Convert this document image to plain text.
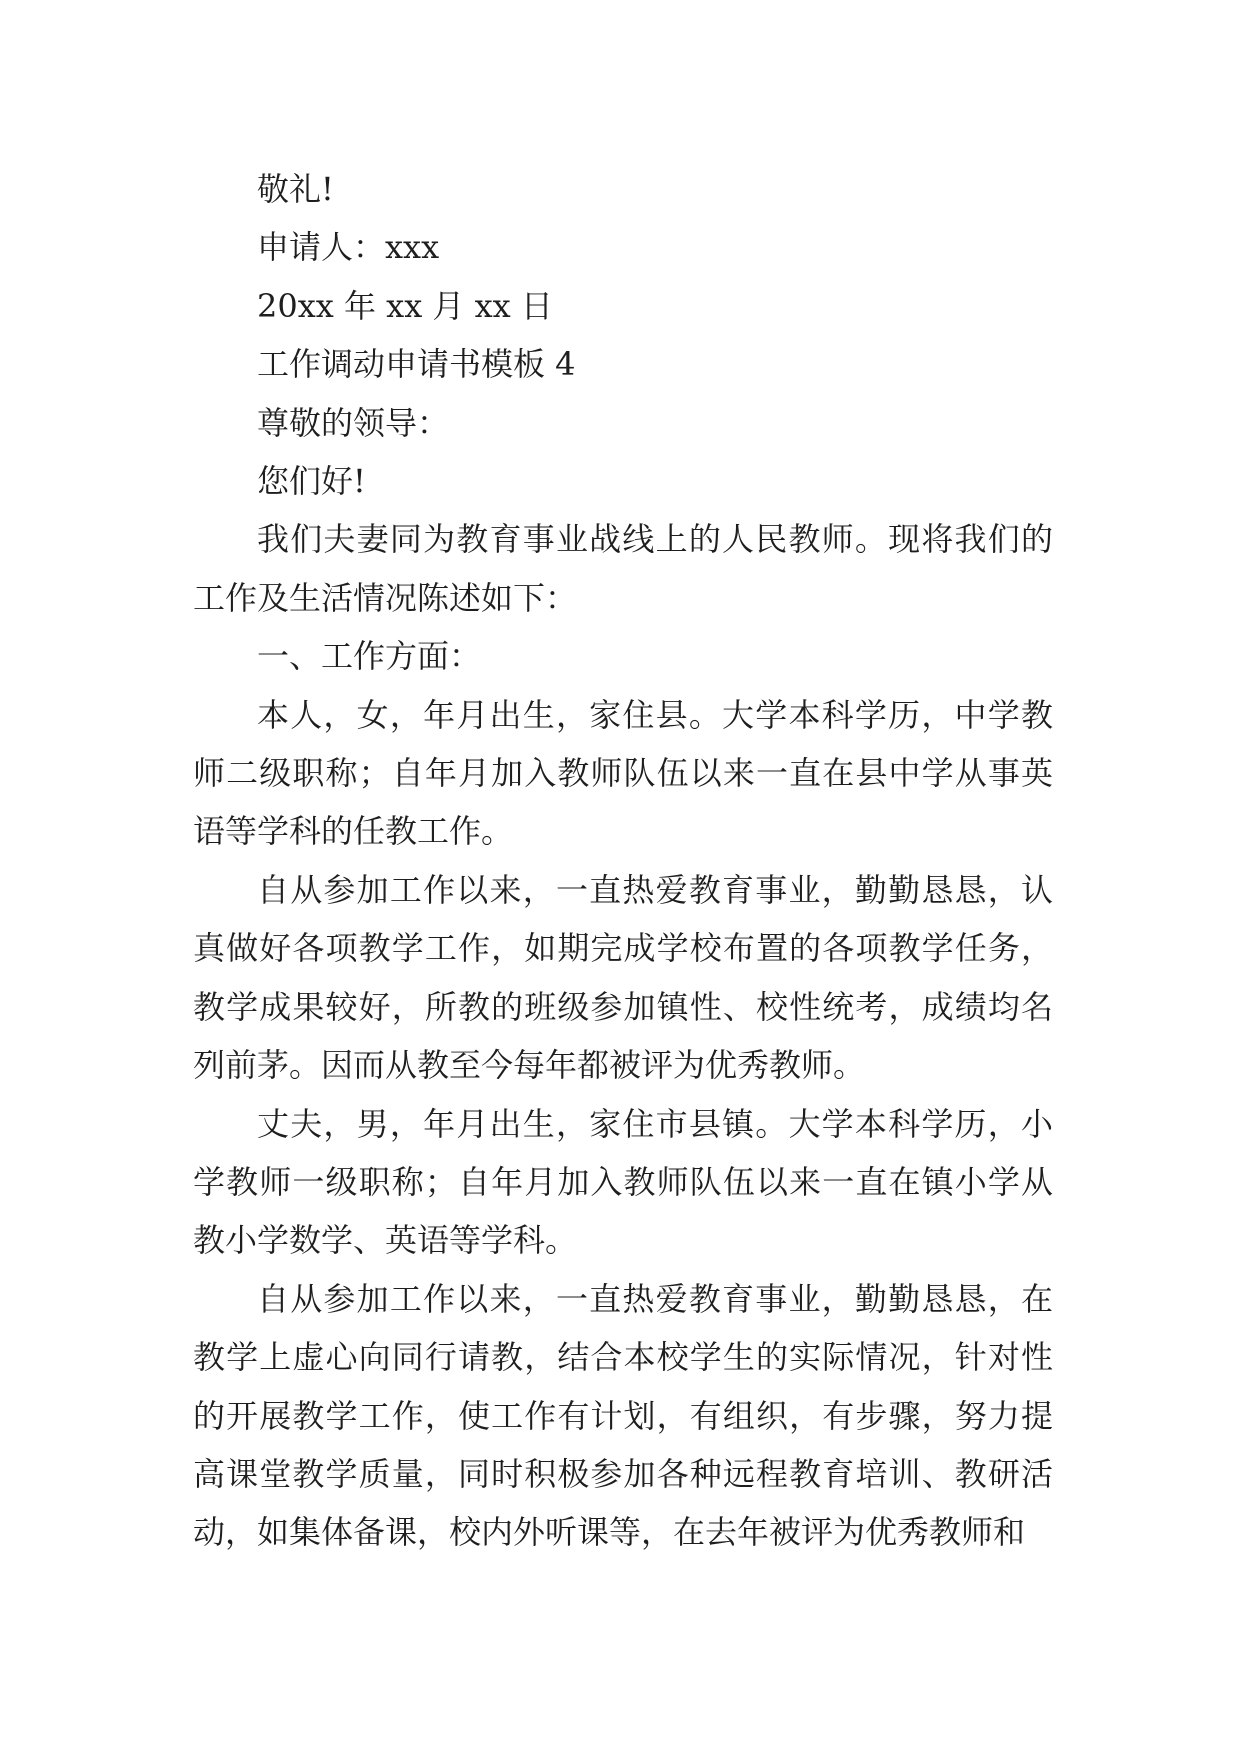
敬礼!

申请人：xxx

20xx 年 xx 月 xx 日

工作调动申请书模板 4

尊敬的领导：

您们好!

我们夫妻同为教育事业战线上的人民教师。现将我们的工作及生活情况陈述如下：

一、工作方面：

本人，女，年月出生，家住县。大学本科学历，中学教师二级职称；自年月加入教师队伍以来一直在县中学从事英语等学科的任教工作。

自从参加工作以来，一直热爱教育事业，勤勤恳恳，认真做好各项教学工作，如期完成学校布置的各项教学任务，教学成果较好，所教的班级参加镇性、校性统考，成绩均名列前茅。因而从教至今每年都被评为优秀教师。

丈夫，男，年月出生，家住市县镇。大学本科学历，小学教师一级职称；自年月加入教师队伍以来一直在镇小学从教小学数学、英语等学科。

自从参加工作以来，一直热爱教育事业，勤勤恳恳，在教学上虚心向同行请教，结合本校学生的实际情况，针对性的开展教学工作，使工作有计划，有组织，有步骤，努力提高课堂教学质量，同时积极参加各种远程教育培训、教研活动，如集体备课，校内外听课等，在去年被评为优秀教师和
